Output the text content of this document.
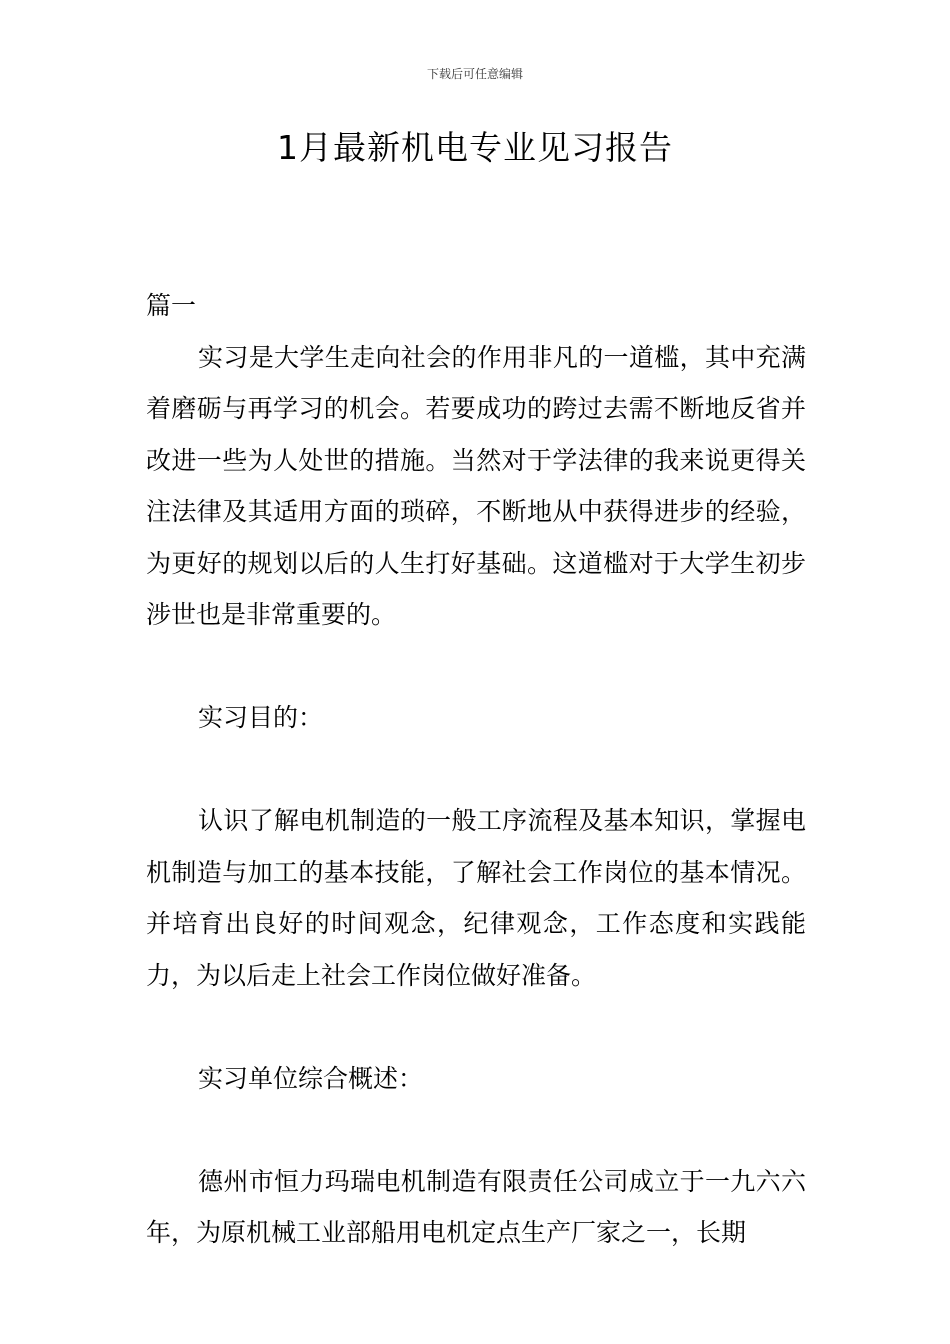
下载后可任意编辑
1月最新机电专业见习报告

篇一

实习是大学生走向社会的作用非凡的一道槛，其中充满着磨砺与再学习的机会。若要成功的跨过去需不断地反省并改进一些为人处世的措施。当然对于学法律的我来说更得关注法律及其适用方面的琐碎，不断地从中获得进步的经验，为更好的规划以后的人生打好基础。这道槛对于大学生初步涉世也是非常重要的。

实习目的：

认识了解电机制造的一般工序流程及基本知识，掌握电机制造与加工的基本技能，了解社会工作岗位的基本情况。并培育出良好的时间观念，纪律观念，工作态度和实践能力，为以后走上社会工作岗位做好准备。

实习单位综合概述：

德州市恒力玛瑞电机制造有限责任公司成立于一九六六年，为原机械工业部船用电机定点生产厂家之一，长期
